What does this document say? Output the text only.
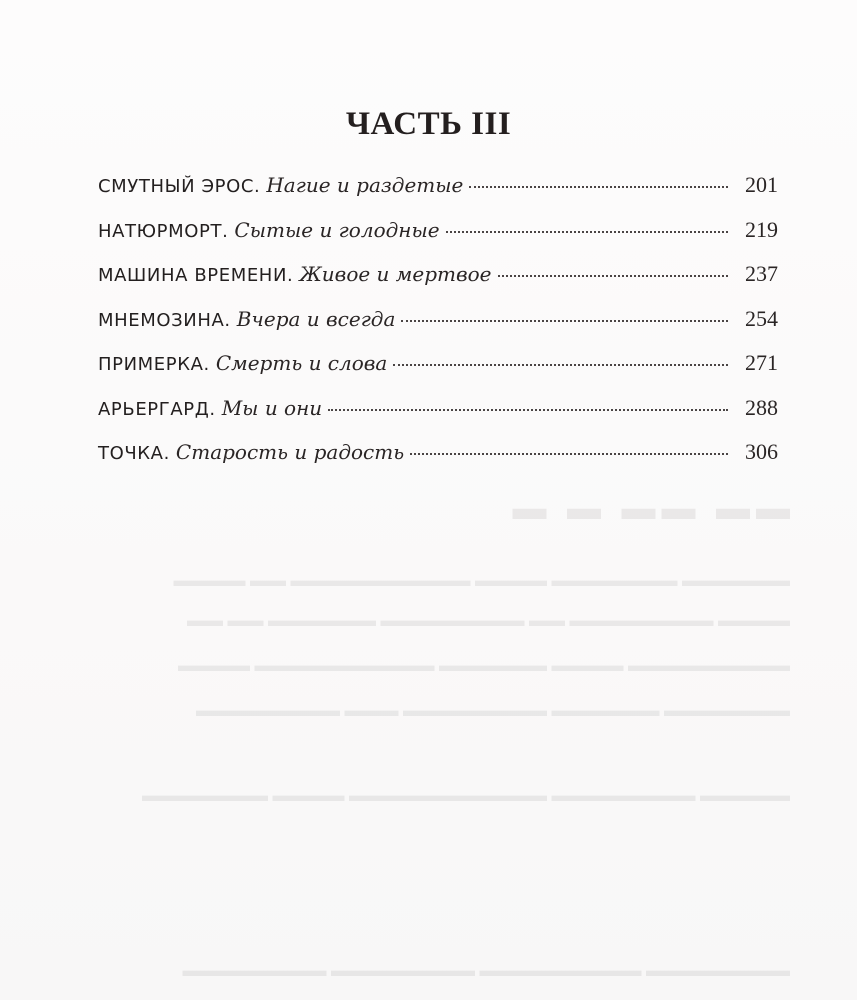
▬▬ ▬▬ ▬ ▬
▬▬▬▬▬▬ ▬▬▬▬▬▬▬ ▬▬▬▬ ▬▬▬▬▬▬▬▬▬▬ ▬▬ ▬▬▬▬
▬▬▬▬ ▬▬▬▬▬▬▬▬ ▬▬ ▬▬▬▬▬▬▬▬ ▬▬▬▬▬▬ ▬▬ ▬▬
▬▬▬▬▬▬▬▬▬ ▬▬▬▬ ▬▬▬▬▬▬ ▬▬▬▬▬▬▬▬▬▬ ▬▬▬▬
▬▬▬▬▬▬▬ ▬▬▬▬▬▬ ▬▬▬▬▬▬▬▬ ▬▬▬ ▬▬▬▬▬▬▬▬
▬▬▬▬▬ ▬▬▬▬▬▬▬▬ ▬▬▬▬▬▬▬▬▬▬▬ ▬▬▬▬ ▬▬▬▬▬▬▬
▬▬▬▬▬▬▬▬ ▬▬▬▬▬▬▬▬▬ ▬▬▬▬▬▬▬▬ ▬▬▬▬▬▬▬▬
ЧАСТЬ III
СМУТНЫЙ ЭРОС. Нагие и раздетые	201
НАТЮРМОРТ. Сытые и голодные	219
МАШИНА ВРЕМЕНИ. Живое и мертвое	237
МНЕМОЗИНА. Вчера и всегда	254
ПРИМЕРКА. Смерть и слова	271
АРЬЕРГАРД. Мы и они	288
ТОЧКА. Старость и радость	306
